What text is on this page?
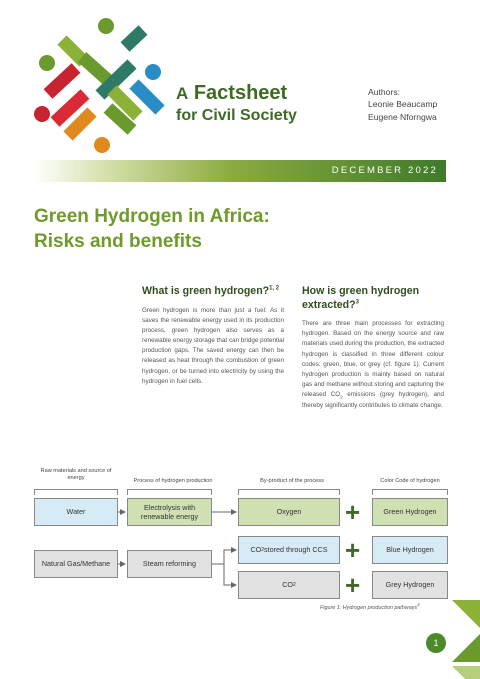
A Factsheet
for Civil Society
Authors:
Leonie Beaucamp
Eugene Nforngwa
DECEMBER 2022
Green Hydrogen in Africa:
Risks and benefits
What is green hydrogen?$^{1, 2}$

Green hydrogen is more than just a fuel: As it saves the renewable energy used in its production process, green hydrogen also serves as a renewable energy storage that can bridge potential production gaps. The saved energy can then be released as heat through the combustion of green hydrogen, or be turned into electricity by using the hydrogen in fuel cells.

How is green hydrogen
extracted?$^3$

There are three main processes for extracting hydrogen. Based on the energy source and raw materials used during the production, the extracted hydrogen is classified in three different colour codes: green, blue, or grey (cf. figure 1). Current hydrogen production is mainly based on natural gas and methane without storing and capturing the released $CO_2$ emissions (grey hydrogen), and thereby significantly contributes to climate change.

Raw materials and source of energy	Process of hydrogen production	By-product of the process	Color Code of hydrogen
Water
Natural Gas/Methane
Electrolysis with renewable energy
Steam reforming
Oxygen
CO 2 stored through CCS
CO 2
+
+
+
Green Hydrogen
Blue Hydrogen
Grey Hydrogen
Figure 1: Hydrogen production pathways$^4$
1
